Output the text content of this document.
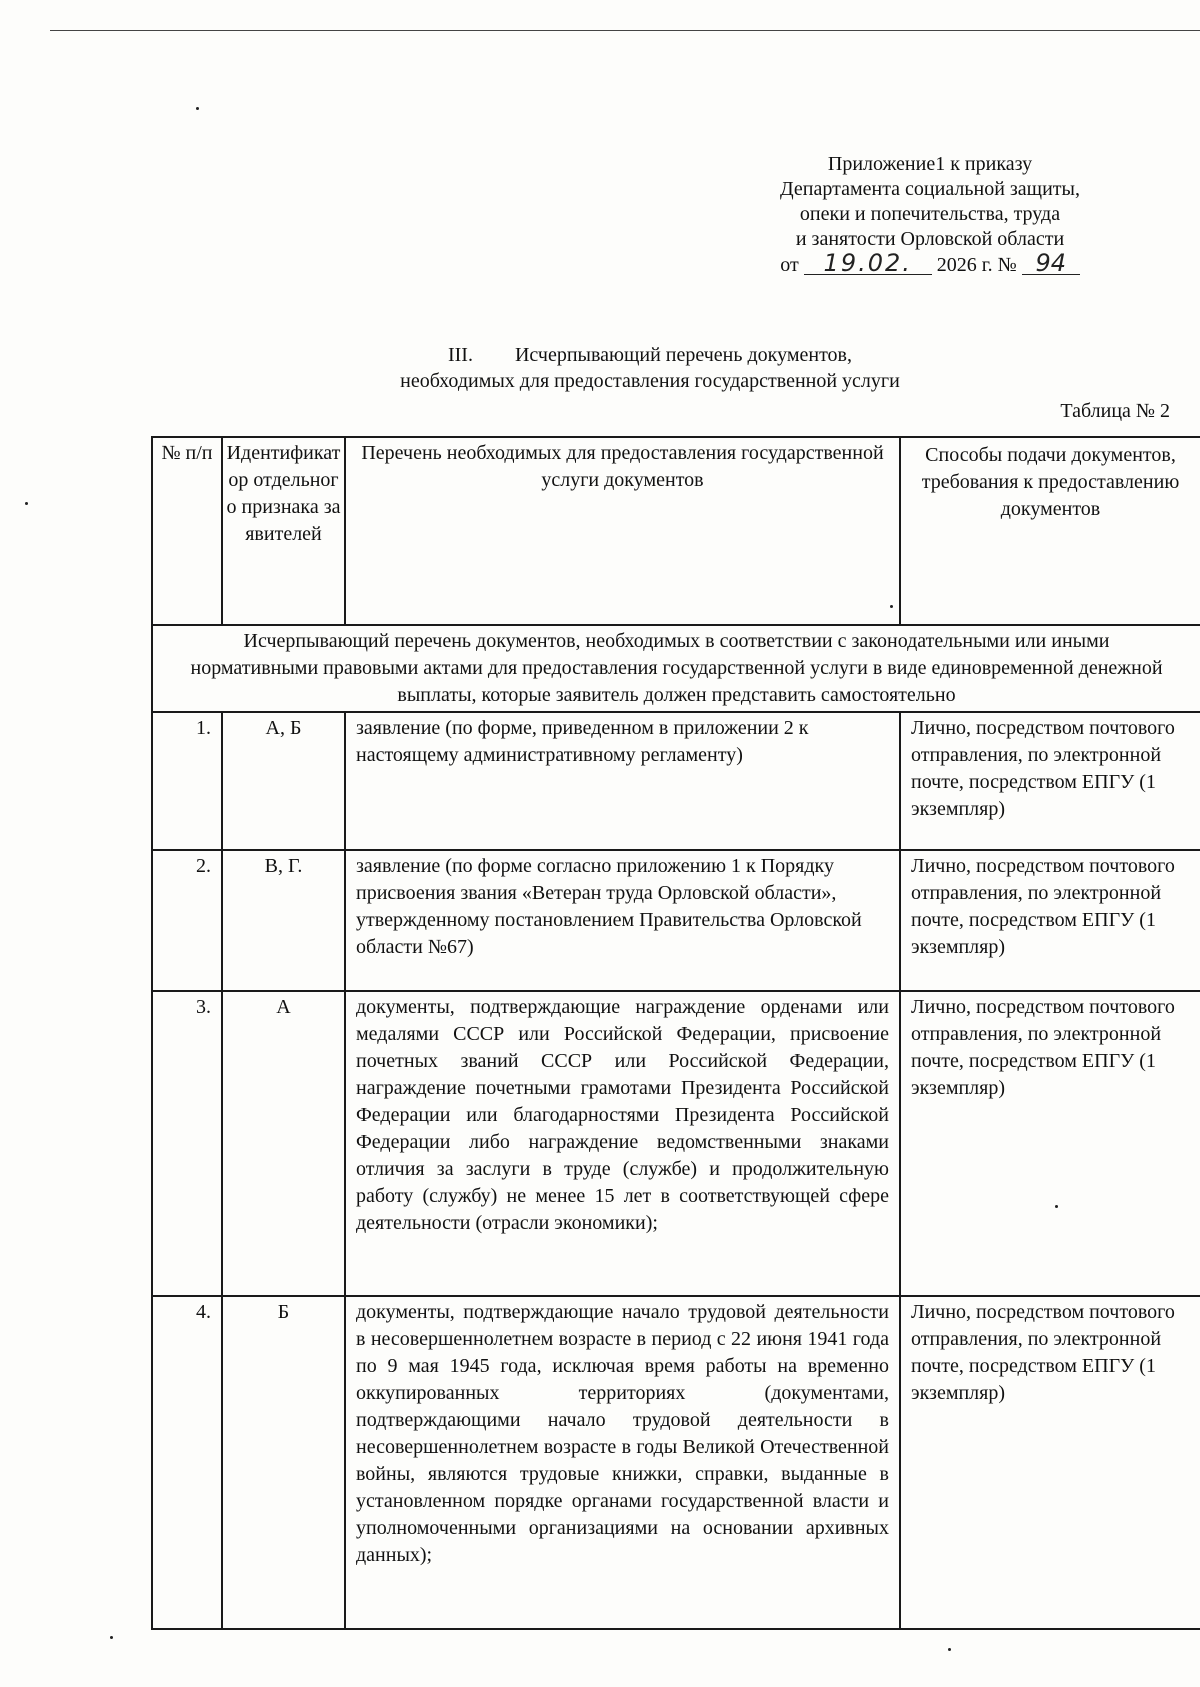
Приложение1 к приказу
Департамента социальной защиты,
опеки и попечительства, труда
и занятости Орловской области
от 19.02. 2026 г. № 94
III. Исчерпывающий перечень документов,
необходимых для предоставления государственной услуги
Таблица № 2
№ п/п	Идентификатор отдельного признака заявителей	Перечень необходимых для предоставления государственной услуги документов	Способы подачи документов, требования к предоставлению документов
Исчерпывающий перечень документов, необходимых в соответствии с законодательными или иными нормативными правовыми актами для предоставления государственной услуги в виде единовременной денежной выплаты, которые заявитель должен представить самостоятельно			
1.	А, Б	заявление (по форме, приведенном в приложении 2 к настоящему административному регламенту)	Лично, посредством почтового отправления, по электронной почте, посредством ЕПГУ (1 экземпляр)
2.	В, Г.	заявление (по форме согласно приложению 1 к Порядку присвоения звания «Ветеран труда Орловской области», утвержденному постановлением Правительства Орловской области №67)	Лично, посредством почтового отправления, по электронной почте, посредством ЕПГУ (1 экземпляр)
3.	А	документы, подтверждающие награждение орденами или медалями СССР или Российской Федерации, присвоение почетных званий СССР или Российской Федерации, награждение почетными грамотами Президента Российской Федерации или благодарностями Президента Российской Федерации либо награждение ведомственными знаками отличия за заслуги в труде (службе) и продолжительную работу (службу) не менее 15 лет в соответствующей сфере деятельности (отрасли экономики);	Лично, посредством почтового отправления, по электронной почте, посредством ЕПГУ (1 экземпляр)
4.	Б	документы, подтверждающие начало трудовой деятельности в несовершеннолетнем возрасте в период с 22 июня 1941 года по 9 мая 1945 года, исключая время работы на временно оккупированных территориях (документами, подтверждающими начало трудовой деятельности в несовершеннолетнем возрасте в годы Великой Отечественной войны, являются трудовые книжки, справки, выданные в установленном порядке органами государственной власти и уполномоченными организациями на основании архивных данных);	Лично, посредством почтового отправления, по электронной почте, посредством ЕПГУ (1 экземпляр)
